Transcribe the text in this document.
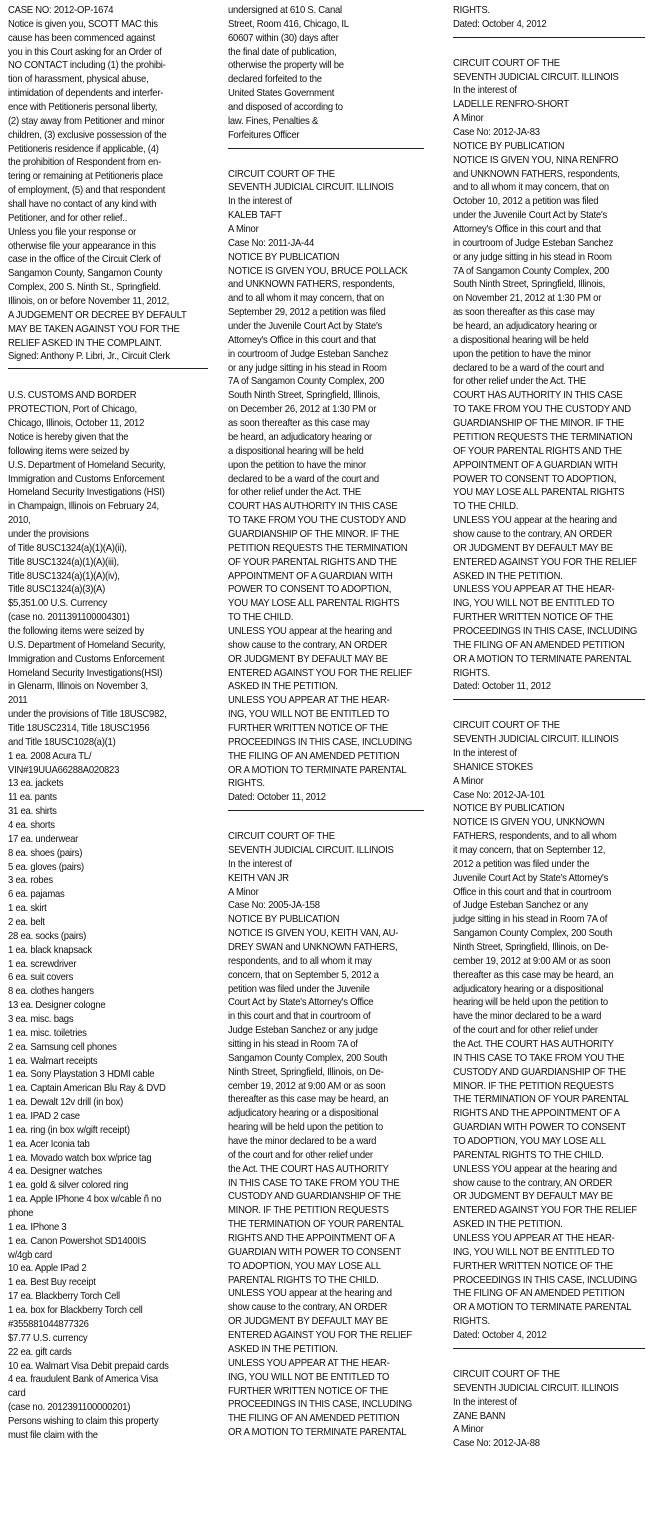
CASE NO: 2012-OP-1674
Notice is given you, SCOTT MAC this
cause has been commenced against
you in this Court asking for an Order of
NO CONTACT including (1) the prohibi-
tion of harassment, physical abuse,
intimidation of dependents and interfer-
ence with Petitioneris personal liberty,
(2) stay away from Petitioner and minor
children, (3) exclusive possession of the
Petitioneris residence if applicable, (4)
the prohibition of Respondent from en-
tering or remaining at Petitioneris place
of employment, (5) and that respondent
shall have no contact of any kind with
Petitioner, and for other relief..
Unless you file your response or
otherwise file your appearance in this
case in the office of the Circuit Clerk of
Sangamon County, Sangamon County
Complex, 200 S. Ninth St., Springfield.
Illinois, on or before November 11, 2012,
A JUDGEMENT OR DECREE BY DEFAULT
MAY BE TAKEN AGAINST YOU FOR THE
RELIEF ASKED IN THE COMPLAINT.
Signed: Anthony P. Libri, Jr., Circuit Clerk
U.S. CUSTOMS AND BORDER
PROTECTION, Port of Chicago,
Chicago, Illinois, October 11, 2012
Notice is hereby given that the
following items were seized by
U.S. Department of Homeland Security,
Immigration and Customs Enforcement
Homeland Security Investigations (HSI)
in Champaign, Illinois on February 24,
2010,
under the provisions
of Title 8USC1324(a)(1)(A)(ii),
Title 8USC1324(a)(1)(A)(iii),
Title 8USC1324(a)(1)(A)(iv),
Title 8USC1324(a)(3)(A)
$5,351.00 U.S. Currency
(case no. 2011391100004301)
the following items were seized by
U.S. Department of Homeland Security,
Immigration and Customs Enforcement
Homeland Security Investigations(HSI)
in Glenarm, Illinois on November 3,
2011
under the provisions of Title 18USC982,
Title 18USC2314, Title 18USC1956
and Title 18USC1028(a)(1)
1 ea. 2008 Acura TL/
VIN#19UUA66288A020823
13 ea. jackets
11 ea. pants
31 ea. shirts
4 ea. shorts
17 ea. underwear
8 ea. shoes (pairs)
5 ea. gloves (pairs)
3 ea. robes
6 ea. pajamas
1 ea. skirt
2 ea. belt
28 ea. socks (pairs)
1 ea. black knapsack
1 ea. screwdriver
6 ea. suit covers
8 ea. clothes hangers
13 ea. Designer cologne
3 ea. misc. bags
1 ea. misc. toiletries
2 ea. Samsung cell phones
1 ea. Walmart receipts
1 ea. Sony Playstation 3 HDMI cable
1 ea. Captain American Blu Ray & DVD
1 ea. Dewalt 12v drill (in box)
1 ea. IPAD 2 case
1 ea. ring (in box w/gift receipt)
1 ea. Acer Iconia tab
1 ea. Movado watch box w/price tag
4 ea. Designer watches
1 ea. gold & silver colored ring
1 ea. Apple IPhone 4 box w/cable ñ no
phone
1 ea. IPhone 3
1 ea. Canon Powershot SD1400IS
w/4gb card
10 ea. Apple IPad 2
1 ea. Best Buy receipt
17 ea. Blackberry Torch Cell
1 ea. box for Blackberry Torch cell
#355881044877326
$7.77 U.S. currency
22 ea. gift cards
10 ea. Walmart Visa Debit prepaid cards
4 ea. fraudulent Bank of America Visa
card
(case no. 2012391100000201)
Persons wishing to claim this property
must file claim with the
undersigned at 610 S. Canal
Street, Room 416, Chicago, IL
60607 within (30) days after
the final date of publication,
otherwise the property will be
declared forfeited to the
United States Government
and disposed of according to
law. Fines, Penalties &
Forfeitures Officer
CIRCUIT COURT OF THE
SEVENTH JUDICIAL CIRCUIT. ILLINOIS
In the interest of
KALEB TAFT
A Minor
Case No: 2011-JA-44
NOTICE BY PUBLICATION
NOTICE IS GIVEN YOU, BRUCE POLLACK
and UNKNOWN FATHERS, respondents,
and to all whom it may concern, that on
September 29, 2012 a petition was filed
under the Juvenile Court Act by State's
Attorney's Office in this court and that
in courtroom of Judge Esteban Sanchez
or any judge sitting in his stead in Room
7A of Sangamon County Complex, 200
South Ninth Street, Springfield, Illinois,
on December 26, 2012 at 1:30 PM or
as soon thereafter as this case may
be heard, an adjudicatory hearing or
a dispositional hearing will be held
upon the petition to have the minor
declared to be a ward of the court and
for other relief under the Act. THE
COURT HAS AUTHORITY IN THIS CASE
TO TAKE FROM YOU THE CUSTODY AND
GUARDIANSHIP OF THE MINOR. IF THE
PETITION REQUESTS THE TERMINATION
OF YOUR PARENTAL RIGHTS AND THE
APPOINTMENT OF A GUARDIAN WITH
POWER TO CONSENT TO ADOPTION,
YOU MAY LOSE ALL PARENTAL RIGHTS
TO THE CHILD.
UNLESS YOU appear at the hearing and
show cause to the contrary, AN ORDER
OR JUDGMENT BY DEFAULT MAY BE
ENTERED AGAINST YOU FOR THE RELIEF
ASKED IN THE PETITION.
UNLESS YOU APPEAR AT THE HEAR-
ING, YOU WILL NOT BE ENTITLED TO
FURTHER WRITTEN NOTICE OF THE
PROCEEDINGS IN THIS CASE, INCLUDING
THE FILING OF AN AMENDED PETITION
OR A MOTION TO TERMINATE PARENTAL
RIGHTS.
Dated: October 11, 2012
CIRCUIT COURT OF THE
SEVENTH JUDICIAL CIRCUIT. ILLINOIS
In the interest of
KEITH VAN JR
A Minor
Case No: 2005-JA-158
NOTICE BY PUBLICATION
NOTICE IS GIVEN YOU, KEITH VAN, AU-
DREY SWAN and UNKNOWN FATHERS,
respondents, and to all whom it may
concern, that on September 5, 2012 a
petition was filed under the Juvenile
Court Act by State's Attorney's Office
in this court and that in courtroom of
Judge Esteban Sanchez or any judge
sitting in his stead in Room 7A of
Sangamon County Complex, 200 South
Ninth Street, Springfield, Illinois, on De-
cember 19, 2012 at 9:00 AM or as soon
thereafter as this case may be heard, an
adjudicatory hearing or a dispositional
hearing will be held upon the petition to
have the minor declared to be a ward
of the court and for other relief under
the Act. THE COURT HAS AUTHORITY
IN THIS CASE TO TAKE FROM YOU THE
CUSTODY AND GUARDIANSHIP OF THE
MINOR. IF THE PETITION REQUESTS
THE TERMINATION OF YOUR PARENTAL
RIGHTS AND THE APPOINTMENT OF A
GUARDIAN WITH POWER TO CONSENT
TO ADOPTION, YOU MAY LOSE ALL
PARENTAL RIGHTS TO THE CHILD.
UNLESS YOU appear at the hearing and
show cause to the contrary, AN ORDER
OR JUDGMENT BY DEFAULT MAY BE
ENTERED AGAINST YOU FOR THE RELIEF
ASKED IN THE PETITION.
UNLESS YOU APPEAR AT THE HEAR-
ING, YOU WILL NOT BE ENTITLED TO
FURTHER WRITTEN NOTICE OF THE
PROCEEDINGS IN THIS CASE, INCLUDING
THE FILING OF AN AMENDED PETITION
OR A MOTION TO TERMINATE PARENTAL
RIGHTS.
Dated: October 4, 2012
CIRCUIT COURT OF THE
SEVENTH JUDICIAL CIRCUIT. ILLINOIS
In the interest of
LADELLE RENFRO-SHORT
A Minor
Case No: 2012-JA-83
NOTICE BY PUBLICATION
NOTICE IS GIVEN YOU, NINA RENFRO
and UNKNOWN FATHERS, respondents,
and to all whom it may concern, that on
October 10, 2012 a petition was filed
under the Juvenile Court Act by State's
Attorney's Office in this court and that
in courtroom of Judge Esteban Sanchez
or any judge sitting in his stead in Room
7A of Sangamon County Complex, 200
South Ninth Street, Springfield, Illinois,
on November 21, 2012 at 1:30 PM or
as soon thereafter as this case may
be heard, an adjudicatory hearing or
a dispositional hearing will be held
upon the petition to have the minor
declared to be a ward of the court and
for other relief under the Act. THE
COURT HAS AUTHORITY IN THIS CASE
TO TAKE FROM YOU THE CUSTODY AND
GUARDIANSHIP OF THE MINOR. IF THE
PETITION REQUESTS THE TERMINATION
OF YOUR PARENTAL RIGHTS AND THE
APPOINTMENT OF A GUARDIAN WITH
POWER TO CONSENT TO ADOPTION,
YOU MAY LOSE ALL PARENTAL RIGHTS
TO THE CHILD.
UNLESS YOU appear at the hearing and
show cause to the contrary, AN ORDER
OR JUDGMENT BY DEFAULT MAY BE
ENTERED AGAINST YOU FOR THE RELIEF
ASKED IN THE PETITION.
UNLESS YOU APPEAR AT THE HEAR-
ING, YOU WILL NOT BE ENTITLED TO
FURTHER WRITTEN NOTICE OF THE
PROCEEDINGS IN THIS CASE, INCLUDING
THE FILING OF AN AMENDED PETITION
OR A MOTION TO TERMINATE PARENTAL
RIGHTS.
Dated: October 11, 2012
CIRCUIT COURT OF THE
SEVENTH JUDICIAL CIRCUIT. ILLINOIS
In the interest of
SHANICE STOKES
A Minor
Case No: 2012-JA-101
NOTICE BY PUBLICATION
NOTICE IS GIVEN YOU, UNKNOWN
FATHERS, respondents, and to all whom
it may concern, that on September 12,
2012 a petition was filed under the
Juvenile Court Act by State's Attorney's
Office in this court and that in courtroom
of Judge Esteban Sanchez or any
judge sitting in his stead in Room 7A of
Sangamon County Complex, 200 South
Ninth Street, Springfield, Illinois, on De-
cember 19, 2012 at 9:00 AM or as soon
thereafter as this case may be heard, an
adjudicatory hearing or a dispositional
hearing will be held upon the petition to
have the minor declared to be a ward
of the court and for other relief under
the Act. THE COURT HAS AUTHORITY
IN THIS CASE TO TAKE FROM YOU THE
CUSTODY AND GUARDIANSHIP OF THE
MINOR. IF THE PETITION REQUESTS
THE TERMINATION OF YOUR PARENTAL
RIGHTS AND THE APPOINTMENT OF A
GUARDIAN WITH POWER TO CONSENT
TO ADOPTION, YOU MAY LOSE ALL
PARENTAL RIGHTS TO THE CHILD.
UNLESS YOU appear at the hearing and
show cause to the contrary, AN ORDER
OR JUDGMENT BY DEFAULT MAY BE
ENTERED AGAINST YOU FOR THE RELIEF
ASKED IN THE PETITION.
UNLESS YOU APPEAR AT THE HEAR-
ING, YOU WILL NOT BE ENTITLED TO
FURTHER WRITTEN NOTICE OF THE
PROCEEDINGS IN THIS CASE, INCLUDING
THE FILING OF AN AMENDED PETITION
OR A MOTION TO TERMINATE PARENTAL
RIGHTS.
Dated: October 4, 2012
CIRCUIT COURT OF THE
SEVENTH JUDICIAL CIRCUIT. ILLINOIS
In the interest of
ZANE BANN
A Minor
Case No: 2012-JA-88
